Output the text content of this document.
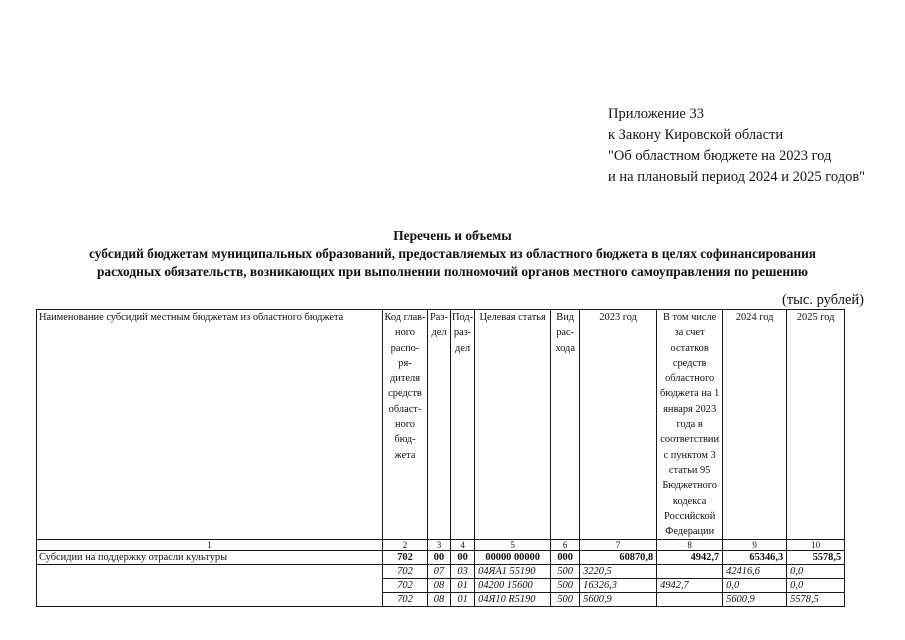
Приложение 33
к Закону Кировской области
"Об областном бюджете на 2023 год
и на плановый период 2024 и 2025 годов"
Перечень и объемы
субсидий бюджетам муниципальных образований, предоставляемых из областного бюджета в целях софинансирования
расходных обязательств, возникающих при выполнении полномочий органов местного самоуправления по решению
(тыс. рублей)
Наименование субсидий местным бюджетам из областного бюджета	Код глав-ного распо-ря-дителя средств област-ного бюд-жета	Раз-дел	Под-раз-дел	Целевая статья	Вид рас-хода	2023 год	В том числе за счет остатков средств областного бюджета на 1 января 2023 года в соответствии с пунктом 3 статьи 95 Бюджетного кодекса Российской Федерации	2024 год	2025 год
1	2	3	4	5	6	7	8	9	10
Субсидии на поддержку отрасли культуры	702	00	00	00000 00000	000	60870,8	4942,7	65346,3	5578,5
	702	07	03	04ЯА1 55190	500	3220,5		42416,6	0,0
	702	08	01	04200 15600	500	16326,3	4942,7	0,0	0,0
	702	08	01	04Я10 R5190	500	5600,9		5600,9	5578,5
